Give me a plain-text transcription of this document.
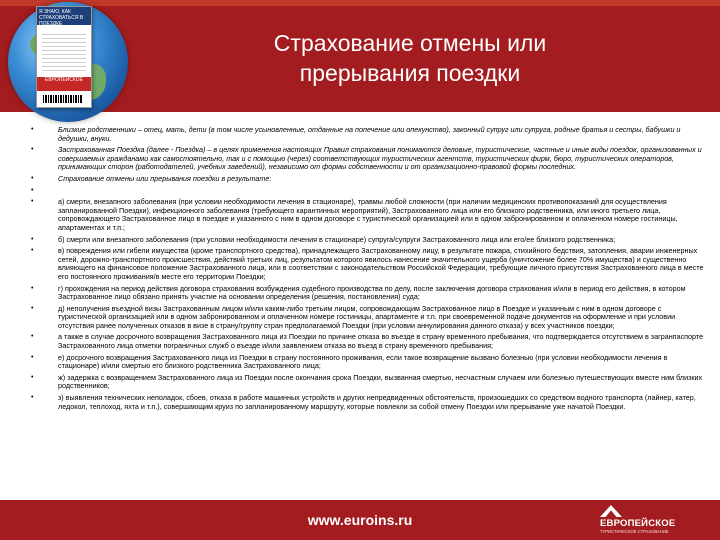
Я ЗНАЮ, КАК СТРАХОВАТЬСЯ В ПОЕЗДКЕ
ЕВРОПЕЙСКОЕ
Страхование отмены или
прерывания поездки
•	Близкие родственники – отец, мать, дети (в том числе усыновленные, отданные на попечение или опекунство), законный супруг или супруга, родные братья и сестры, бабушки и дедушки, внуки.
•	Застрахованная Поездка (далее - Поездка) – в целях применения настоящих Правил страхования понимаются деловые, туристические, частные и иные виды поездок, организованных и совершаемых гражданами как самостоятельно, так и с помощью (через) соответствующих туристических агентств, туристических фирм, бюро, туристических операторов, принимающих сторон (работодателей, учебных заведений), независимо от формы собственности и от организационно-правовой формы последних.
•	Страхование отмены или прерывания поездки в результате:
•

•	а) смерти, внезапного заболевания (при условии необходимости лечения в стационаре), травмы любой сложности (при наличии медицинских противопоказаний для осуществления запланированной Поездки), инфекционного заболевания (требующего карантинных мероприятий), Застрахованного лица или его близкого родственника, или иного третьего лица, сопровождающего Застрахованное лицо в поездке и указанного с ним в одном договоре с туристической организацией или в одном забронированном и оплаченном номере гостиницы, апартаментах и т.п.;
•	б) смерти или внезапного заболевания (при условии необходимости лечения в стационаре) супруга/супруги Застрахованного лица или его/ее близкого родственника;
•	в) повреждения или гибели имущества (кроме транспортного средства), принадлежащего Застрахованному лицу, в результате пожара, стихийного бедствия, затопления, аварии инженерных сетей, дорожно-транспортного происшествия, действий третьих лиц, результатом которого явилось нанесение значительного ущерба (уничтожение более 70% имущества) и существенно влияющего на финансовое положение Застрахованного лица, или в соответствии с законодательством Российской Федерации, требующие личного присутствия Застрахованного лица в месте его постоянного проживания/в месте его территории Поездки;
•	г) прохождения на период действия договора страхования возбуждения судебного производства по делу, после заключения договора страхования и/или в период его действия, в котором Застрахованное лицо обязано принять участие на основании определения (решения, постановления) суда;
•	д) неполучения въездной визы Застрахованным лицом и/или каким-либо третьим лицом, сопровождающим Застрахованное лицо в Поездке и указанным с ним в одном договоре с туристической организацией или в одном забронированном и оплаченном номере гостиницы, апартаменте и т.п. при своевременной подаче документов на оформление и при условии отсутствия ранее полученных отказов в визе в страну/группу стран предполагаемой Поездки (при условии аннулирования данного отказа) у всех участников поездки;
•	а также в случае досрочного возвращения Застрахованного лица из Поездки по причине отказа во въезде в страну временного пребывания, что подтверждается отсутствием в загранпаспорте Застрахованного лица отметки пограничных служб о въезде и/или заявлением отказа во въезд в страну временного пребывания;
•	е) досрочного возвращения Застрахованного лица из Поездки в страну постоянного проживания, если такое возвращение вызвано болезнью (при условии необходимости лечения в стационаре) и/или смертью его близкого родственника Застрахованного лица;
•	ж) задержка с возвращением Застрахованного лица из Поездки после окончания срока Поездки, вызванная смертью, несчастным случаем или болезнью путешествующих вместе ним близких родственников;
•	з) выявления технических неполадок, сбоев, отказа в работе машинных устройств и других непредвиденных обстоятельств, произошедших со средством водного транспорта (лайнер, катер, ледокол, теплоход, яхта и т.п.), совершающим круиз по запланированному маршруту, которые повлекли за собой отмену Поездки или прерывание уже начатой Поездки.
www.euroins.ru	ЕВРОПЕЙСКОЕ
ТУРИСТИЧЕСКОЕ СТРАХОВАНИЕ
